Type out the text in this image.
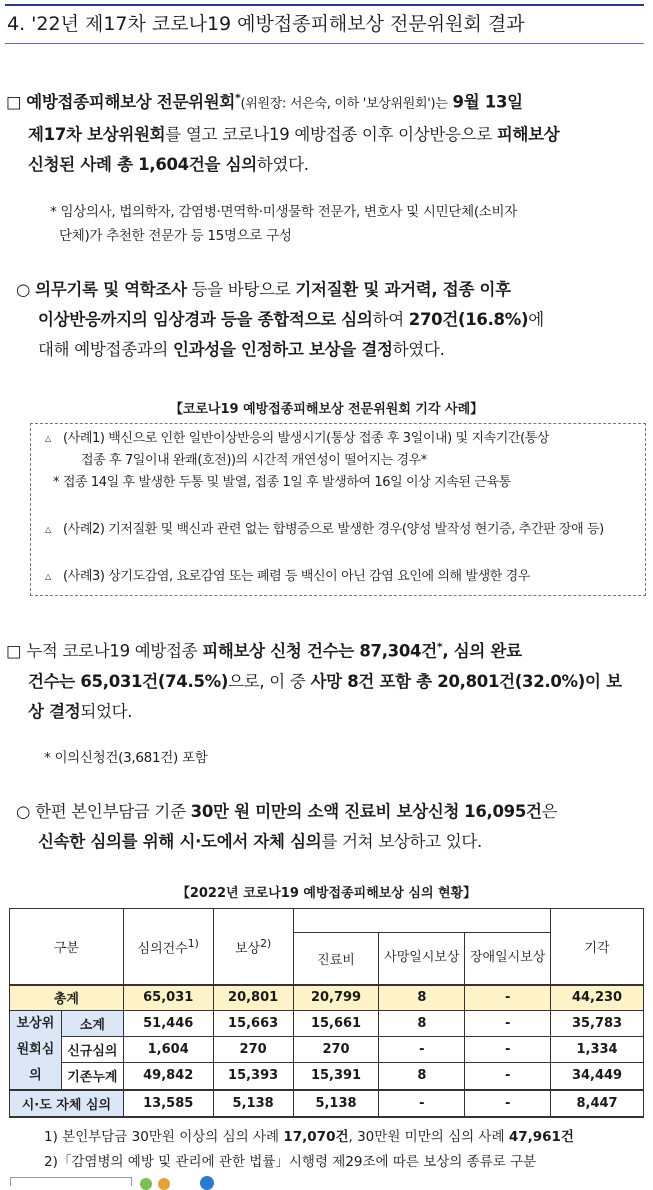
4. '22년 제17차 코로나19 예방접종피해보상 전문위원회 결과
□ 예방접종피해보상 전문위원회*(위원장: 서은숙, 이하 '보상위원회')는 9월 13일
제17차 보상위원회를 열고 코로나19 예방접종 이후 이상반응으로 피해보상
신청된 사례 총 1,604건을 심의하였다.
* 임상의사, 법의학자, 감염병·면역학·미생물학 전문가, 변호사 및 시민단체(소비자
단체)가 추천한 전문가 등 15명으로 구성
○ 의무기록 및 역학조사 등을 바탕으로 기저질환 및 과거력, 접종 이후
이상반응까지의 임상경과 등을 종합적으로 심의하여 270건(16.8%)에
대해 예방접종과의 인과성을 인정하고 보상을 결정하였다.
【코로나19 예방접종피해보상 전문위원회 기각 사례】
△ (사례1) 백신으로 인한 일반이상반응의 발생시기(통상 접종 후 3일이내) 및 지속기간(통상
접종 후 7일이내 완쾌(호전))의 시간적 개연성이 떨어지는 경우*
* 접종 14일 후 발생한 두통 및 발열, 접종 1일 후 발생하여 16일 이상 지속된 근육통
△ (사례2) 기저질환 및 백신과 관련 없는 합병증으로 발생한 경우(양성 발작성 현기증, 추간판 장애 등)
△ (사례3) 상기도감염, 요로감염 또는 폐렴 등 백신이 아닌 감염 요인에 의해 발생한 경우
□ 누적 코로나19 예방접종 피해보상 신청 건수는 87,304건*, 심의 완료
건수는 65,031건(74.5%)으로, 이 중 사망 8건 포함 총 20,801건(32.0%)이 보
상 결정되었다.
* 이의신청건(3,681건) 포함
○ 한편 본인부담금 기준 30만 원 미만의 소액 진료비 보상신청 16,095건은
신속한 심의를 위해 시·도에서 자체 심의를 거쳐 보상하고 있다.
【2022년 코로나19 예방접종피해보상 심의 현황】
구분		심의건수$^{1)}$	보상$^{2)}$				기각
				진료비	사망일시보상	장애일시보상	
총계		65,031	20,801	20,799	8	-	44,230
보상위원회심의	소계	51,446	15,663	15,661	8	-	35,783
	신규심의	1,604	270	270	-	-	1,334
	기존누계	49,842	15,393	15,391	8	-	34,449
시·도 자체 심의		13,585	5,138	5,138	-	-	8,447
1) 본인부담금 30만원 이상의 심의 사례 17,070건, 30만원 미만의 심의 사례 47,961건
2)「감염병의 예방 및 관리에 관한 법률」시행령 제29조에 따른 보상의 종류로 구분
